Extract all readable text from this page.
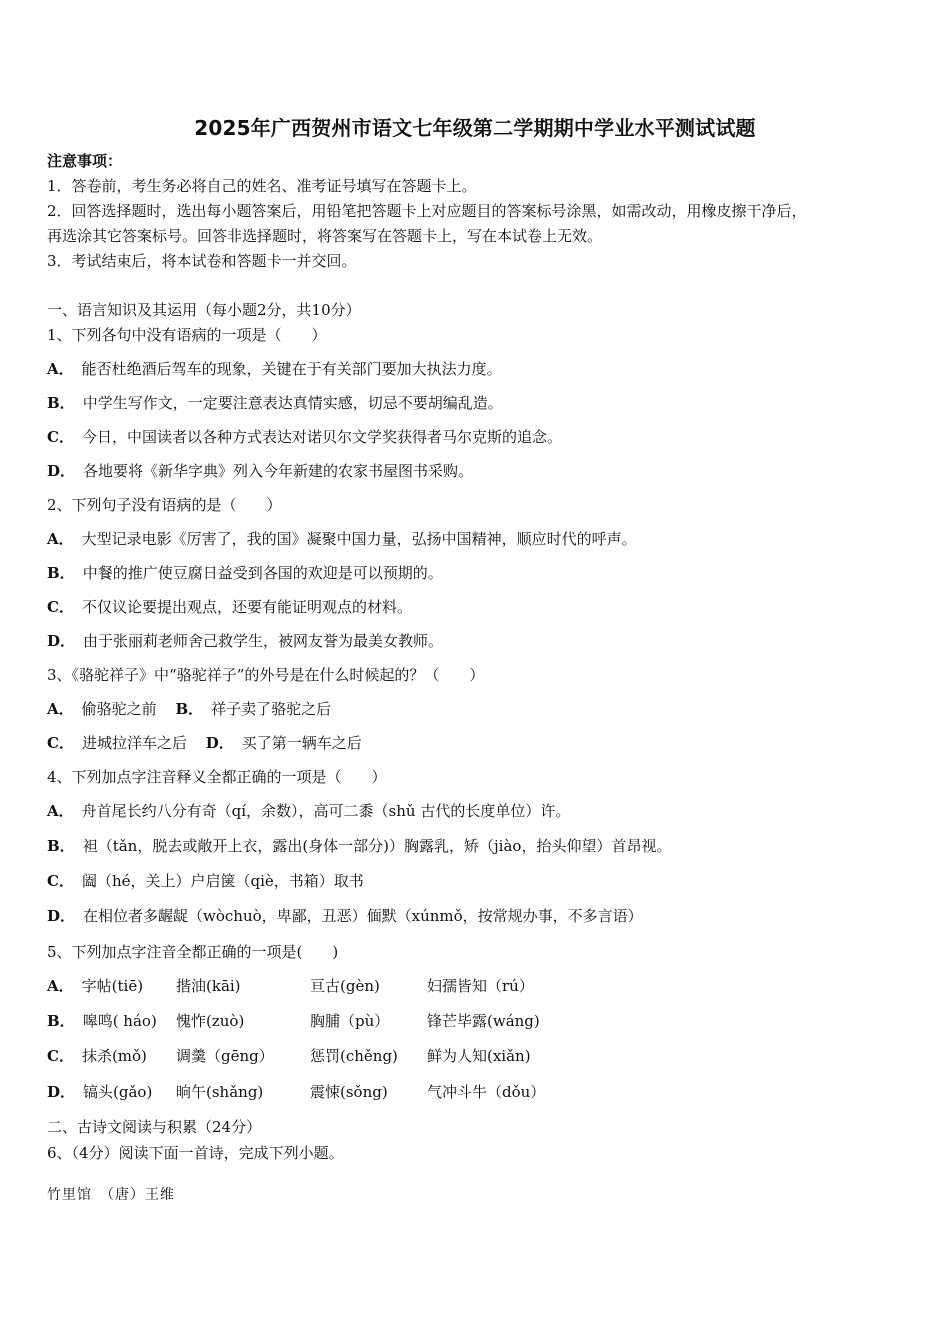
2025年广西贺州市语文七年级第二学期期中学业水平测试试题
注意事项：
1．答卷前，考生务必将自己的姓名、准考证号填写在答题卡上。
2．回答选择题时，选出每小题答案后，用铅笔把答题卡上对应题目的答案标号涂黑，如需改动，用橡皮擦干净后，
再选涂其它答案标号。回答非选择题时，将答案写在答题卡上，写在本试卷上无效。
3．考试结束后，将本试卷和答题卡一并交回。
一、语言知识及其运用（每小题2分，共10分）
1、下列各句中没有语病的一项是（　　）
A． 能否杜绝酒后驾车的现象，关键在于有关部门要加大执法力度。
B． 中学生写作文，一定要注意表达真情实感，切忌不要胡编乱造。
C． 今日，中国读者以各种方式表达对诺贝尔文学奖获得者马尔克斯的追念。
D． 各地要将《新华字典》列入今年新建的农家书屋图书采购。
2、下列句子没有语病的是（　　）
A． 大型记录电影《厉害了，我的国》凝聚中国力量，弘扬中国精神，顺应时代的呼声。
B． 中餐的推广使豆腐日益受到各国的欢迎是可以预期的。
C． 不仅议论要提出观点，还要有能证明观点的材料。
D． 由于张丽莉老师舍己救学生，被网友誉为最美女教师。
3、《骆驼祥子》中“骆驼祥子”的外号是在什么时候起的？（　　）
A． 偷骆驼之前 B． 祥子卖了骆驼之后
C． 进城拉洋车之后 D． 买了第一辆车之后
4、下列加点字注音释义全都正确的一项是（　　）
A． 舟首尾长约八分有奇（qí，余数），高可二黍（shǔ 古代的长度单位）许。
B． 袒（tǎn，脱去或敞开上衣，露出(身体一部分)）胸露乳，矫（jiào，抬头仰望）首昂视。
C． 阖（hé，关上）户启箧（qiè，书箱）取书
D． 在相位者多龌龊（wòchuò，卑鄙，丑恶）偭默（xúnmǒ，按常规办事，不多言语）
5、下列加点字注音全都正确的一项是(　　)
A． 字帖(tiē) 揩油(kāi)	亘古(gèn)	妇孺皆知（rú）
B． 嗥鸣( háo) 愧怍(zuò)	胸脯（pù）	锋芒毕露(wáng)
C． 抹杀(mǒ) 调羹（gēng） 惩罚(chěng) 鲜为人知(xiǎn)
D． 镐头(gǎo) 晌午(shǎng)	震悚(sǒng)	气冲斗牛（dǒu）
二、古诗文阅读与积累（24分）
6、（4分）阅读下面一首诗，完成下列小题。
竹里馆　（唐）王维
